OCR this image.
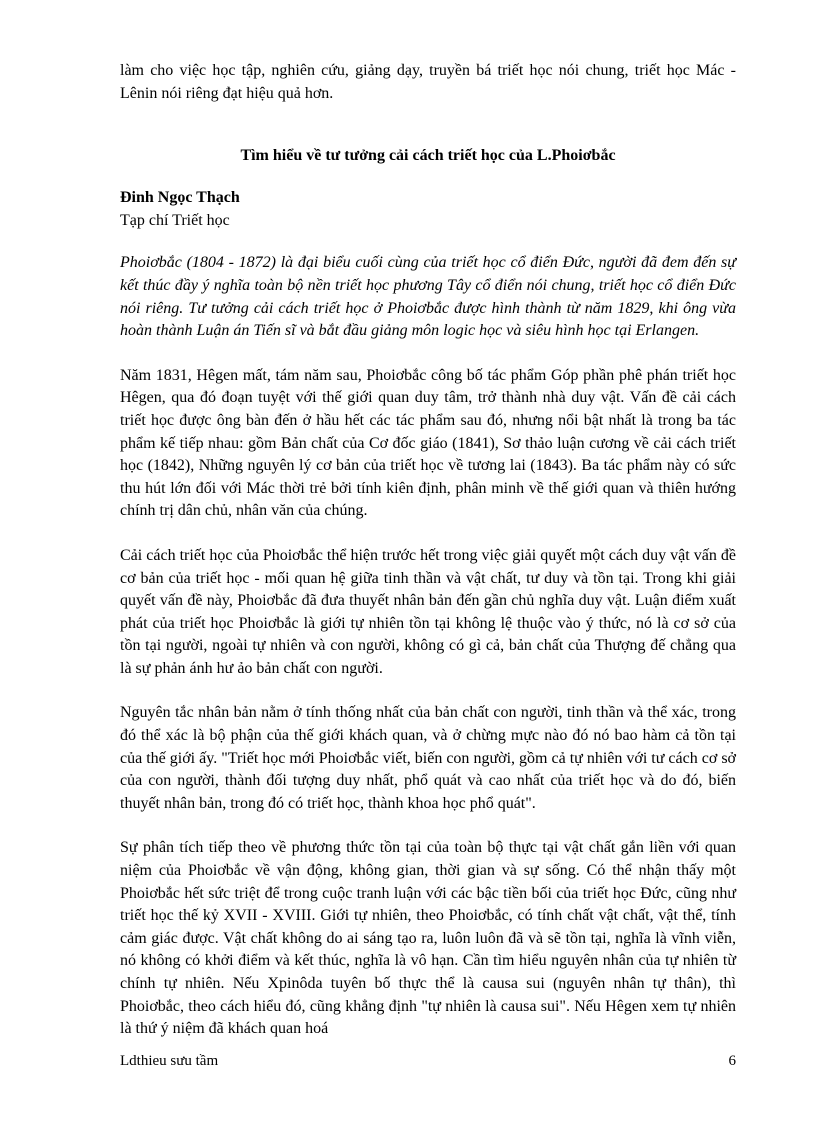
làm cho việc học tập, nghiên cứu, giảng dạy, truyền bá triết học nói chung, triết học Mác - Lênin nói riêng đạt hiệu quả hơn.

Tìm hiểu về tư tưởng cải cách triết học của L.Phoiơbắc

Đinh Ngọc Thạch

Tạp chí Triết học

Phoiơbắc (1804 - 1872) là đại biểu cuối cùng của triết học cổ điển Đức, người đã đem đến sự kết thúc đầy ý nghĩa toàn bộ nền triết học phương Tây cổ điển nói chung, triết học cổ điển Đức nói riêng. Tư tưởng cải cách triết học ở Phoiơbắc được hình thành từ năm 1829, khi ông vừa hoàn thành Luận án Tiến sĩ và bắt đầu giảng môn logic học và siêu hình học tại Erlangen.

Năm 1831, Hêgen mất, tám năm sau, Phoiơbắc công bố tác phẩm Góp phần phê phán triết học Hêgen, qua đó đoạn tuyệt với thế giới quan duy tâm, trở thành nhà duy vật. Vấn đề cải cách triết học được ông bàn đến ở hầu hết các tác phẩm sau đó, nhưng nổi bật nhất là trong ba tác phẩm kế tiếp nhau: gồm Bản chất của Cơ đốc giáo (1841), Sơ thảo luận cương về cải cách triết học (1842), Những nguyên lý cơ bản của triết học về tương lai (1843). Ba tác phẩm này có sức thu hút lớn đối với Mác thời trẻ bởi tính kiên định, phân minh về thế giới quan và thiên hướng chính trị dân chủ, nhân văn của chúng.

Cải cách triết học của Phoiơbắc thể hiện trước hết trong việc giải quyết một cách duy vật vấn đề cơ bản của triết học - mối quan hệ giữa tinh thần và vật chất, tư duy và tồn tại. Trong khi giải quyết vấn đề này, Phoiơbắc đã đưa thuyết nhân bản đến gần chủ nghĩa duy vật. Luận điểm xuất phát của triết học Phoiơbắc là giới tự nhiên tồn tại không lệ thuộc vào ý thức, nó là cơ sở của tồn tại người, ngoài tự nhiên và con người, không có gì cả, bản chất của Thượng đế chẳng qua là sự phản ánh hư ảo bản chất con người.

Nguyên tắc nhân bản nằm ở tính thống nhất của bản chất con người, tinh thần và thể xác, trong đó thể xác là bộ phận của thế giới khách quan, và ở chừng mực nào đó nó bao hàm cả tồn tại của thế giới ấy. "Triết học mới Phoiơbắc viết, biến con người, gồm cả tự nhiên với tư cách cơ sở của con người, thành đối tượng duy nhất, phổ quát và cao nhất của triết học và do đó, biến thuyết nhân bản, trong đó có triết học, thành khoa học phổ quát".

Sự phân tích tiếp theo về phương thức tồn tại của toàn bộ thực tại vật chất gắn liền với quan niệm của Phoiơbắc về vận động, không gian, thời gian và sự sống. Có thể nhận thấy một Phoiơbắc hết sức triệt để trong cuộc tranh luận với các bậc tiền bối của triết học Đức, cũng như triết học thế kỷ XVII - XVIII. Giới tự nhiên, theo Phoiơbắc, có tính chất vật chất, vật thể, tính cảm giác được. Vật chất không do ai sáng tạo ra, luôn luôn đã và sẽ tồn tại, nghĩa là vĩnh viễn, nó không có khởi điểm và kết thúc, nghĩa là vô hạn. Cần tìm hiểu nguyên nhân của tự nhiên từ chính tự nhiên. Nếu Xpinôda tuyên bố thực thể là causa sui (nguyên nhân tự thân), thì Phoiơbắc, theo cách hiểu đó, cũng khẳng định "tự nhiên là causa sui". Nếu Hêgen xem tự nhiên là thứ ý niệm đã khách quan hoá

Ldthieu sưu tầm	6
